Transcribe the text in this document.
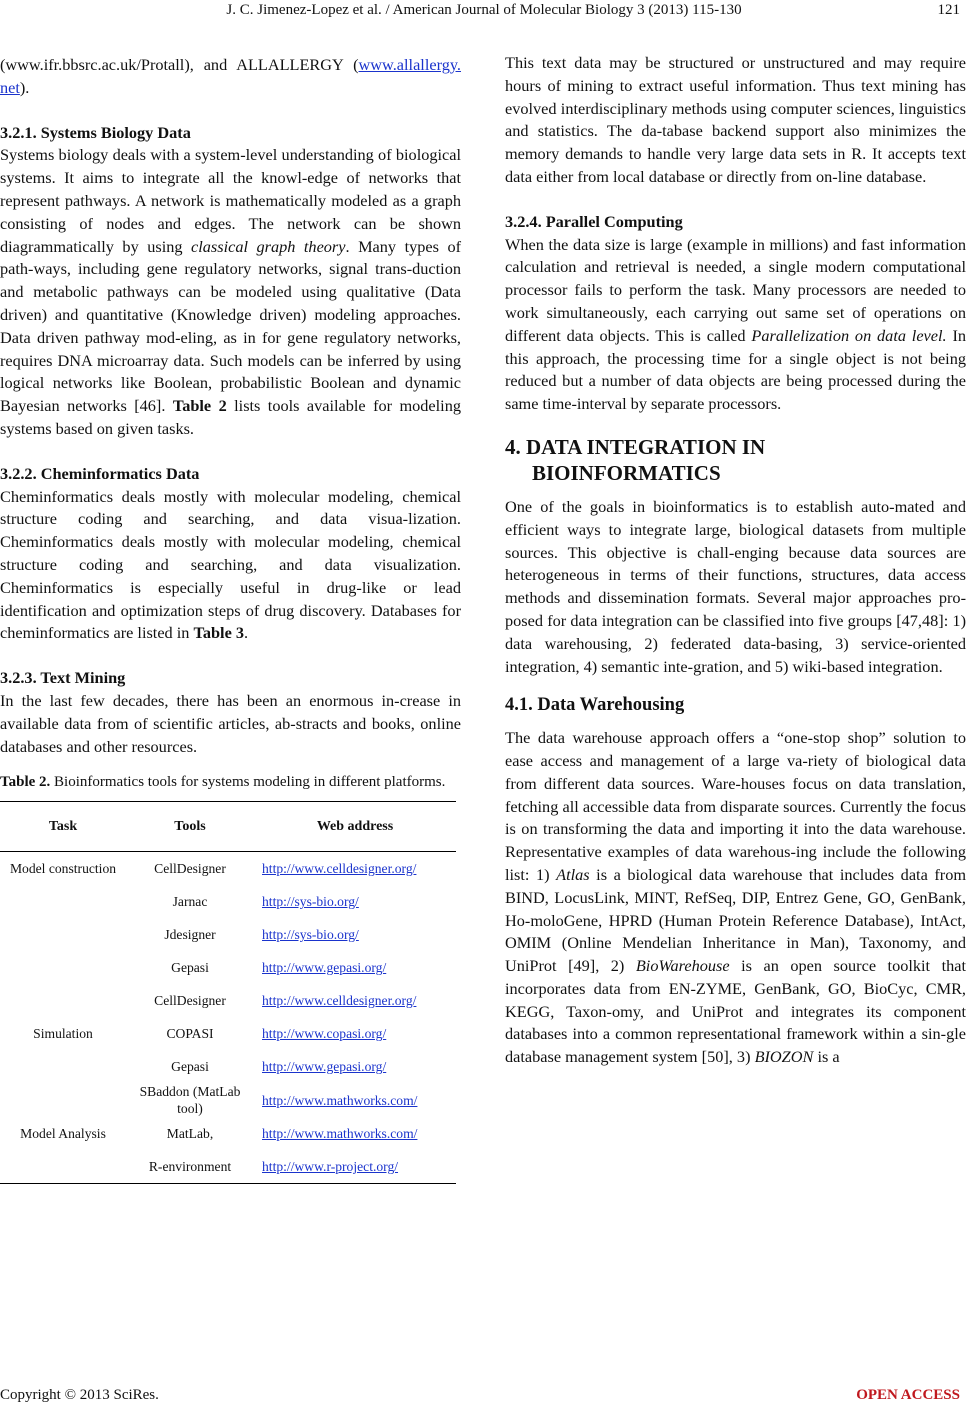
J. C. Jimenez-Lopez et al. / American Journal of Molecular Biology 3 (2013) 115-130	121

(www.ifr.bbsrc.ac.uk/Protall), and ALLALLERGY (www.allallergy. net).

3.2.1. Systems Biology Data

Systems biology deals with a system-level understanding of biological systems. It aims to integrate all the knowl-edge of networks that represent pathways. A network is mathematically modeled as a graph consisting of nodes and edges. The network can be shown diagrammatically by using classical graph theory. Many types of path-ways, including gene regulatory networks, signal trans-duction and metabolic pathways can be modeled using qualitative (Data driven) and quantitative (Knowledge driven) modeling approaches. Data driven pathway mod-eling, as in for gene regulatory networks, requires DNA microarray data. Such models can be inferred by using logical networks like Boolean, probabilistic Boolean and dynamic Bayesian networks [46]. Table 2 lists tools available for modeling systems based on given tasks.

3.2.2. Cheminformatics Data

Cheminformatics deals mostly with molecular modeling, chemical structure coding and searching, and data visua-lization. Cheminformatics deals mostly with molecular modeling, chemical structure coding and searching, and data visualization. Cheminformatics is especially useful in drug-like or lead identification and optimization steps of drug discovery. Databases for cheminformatics are listed in Table 3.

3.2.3. Text Mining

In the last few decades, there has been an enormous in-crease in available data from of scientific articles, ab-stracts and books, online databases and other resources.

Table 2. Bioinformatics tools for systems modeling in different platforms.
Task	Tools	Web address
Model construction	CellDesigner	http://www.celldesigner.org/
	Jarnac	http://sys-bio.org/
	Jdesigner	http://sys-bio.org/
	Gepasi	http://www.gepasi.org/
	CellDesigner	http://www.celldesigner.org/
Simulation	COPASI	http://www.copasi.org/
	Gepasi	http://www.gepasi.org/
	SBaddon (MatLab tool)	http://www.mathworks.com/
Model Analysis	MatLab,	http://www.mathworks.com/
	R-environment	http://www.r-project.org/

This text data may be structured or unstructured and may require hours of mining to extract useful information. Thus text mining has evolved interdisciplinary methods using computer sciences, linguistics and statistics. The da-tabase backend support also minimizes the memory demands to handle very large data sets in R. It accepts text data either from local database or directly from on-line database.

3.2.4. Parallel Computing

When the data size is large (example in millions) and fast information calculation and retrieval is needed, a single modern computational processor fails to perform the task. Many processors are needed to work simultaneously, each carrying out same set of operations on different data objects. This is called Parallelization on data level. In this approach, the processing time for a single object is not being reduced but a number of data objects are being processed during the same time-interval by separate processors.

4. DATA INTEGRATION IN
BIOINFORMATICS

One of the goals in bioinformatics is to establish auto-mated and efficient ways to integrate large, biological datasets from multiple sources. This objective is chall-enging because data sources are heterogeneous in terms of their functions, structures, data access methods and dissemination formats. Several major approaches pro-posed for data integration can be classified into five groups [47,48]: 1) data warehousing, 2) federated data-basing, 3) service-oriented integration, 4) semantic inte-gration, and 5) wiki-based integration.

4.1. Data Warehousing

The data warehouse approach offers a “one-stop shop” solution to ease access and management of a large va-riety of biological data from different data sources. Ware-houses focus on data translation, fetching all accessible data from disparate sources. Currently the focus is on transforming the data and importing it into the data warehouse. Representative examples of data warehous-ing include the following list: 1) Atlas is a biological data warehouse that includes data from BIND, LocusLink, MINT, RefSeq, DIP, Entrez Gene, GO, GenBank, Ho-moloGene, HPRD (Human Protein Reference Database), IntAct, OMIM (Online Mendelian Inheritance in Man), Taxonomy, and UniProt [49], 2) BioWarehouse is an open source toolkit that incorporates data from EN-ZYME, GenBank, GO, BioCyc, CMR, KEGG, Taxon-omy, and UniProt and integrates its component databases into a common representational framework within a sin-gle database management system [50], 3) BIOZON is a

Copyright © 2013 SciRes.	OPEN ACCESS
